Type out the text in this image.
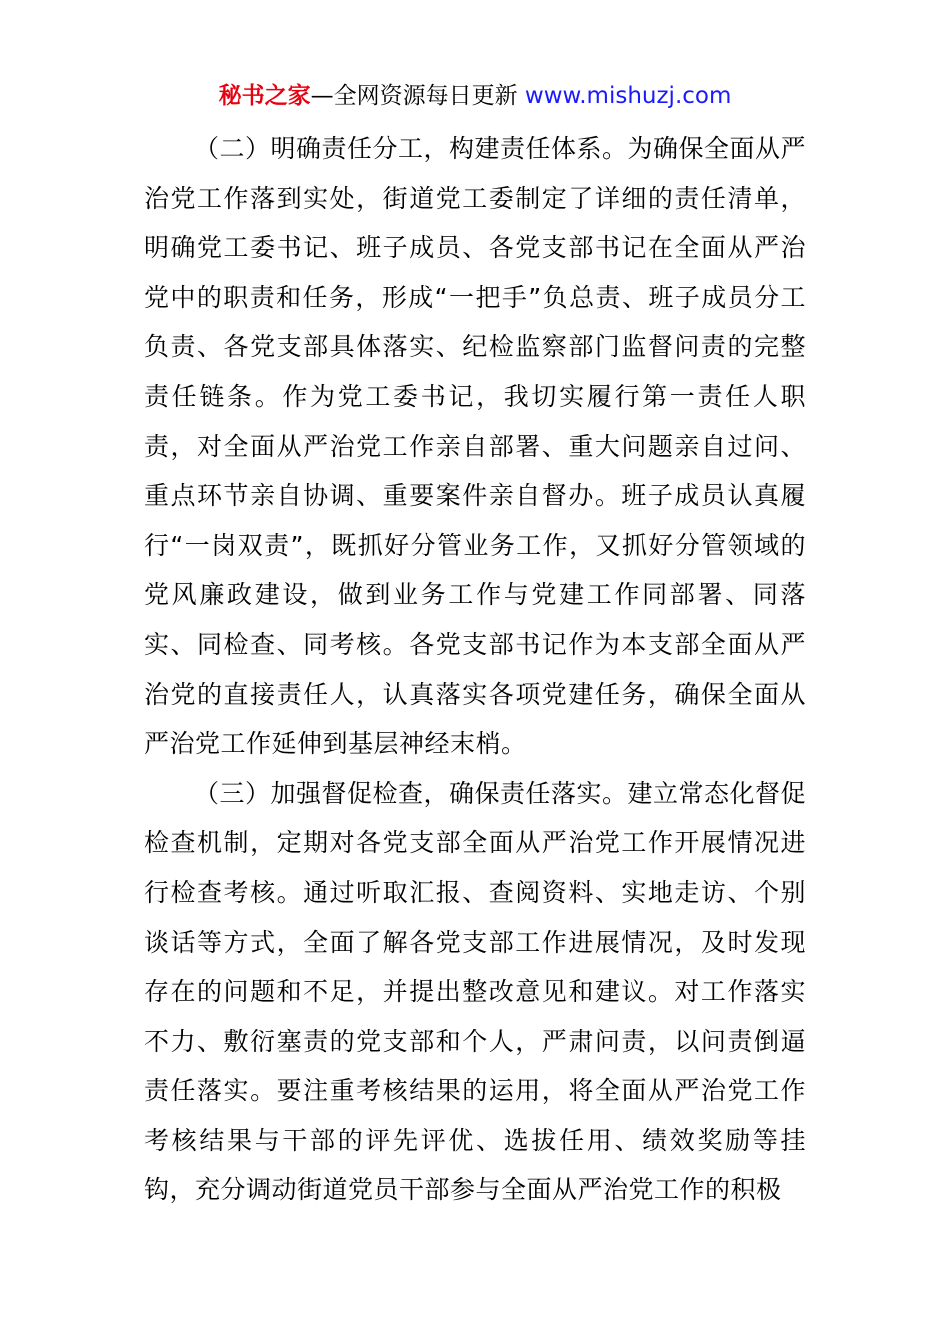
秘书之家—全网资源每日更新 www.mishuzj.com

（二）明确责任分工，构建责任体系。为确保全面从严治党工作落到实处，街道党工委制定了详细的责任清单，明确党工委书记、班子成员、各党支部书记在全面从严治党中的职责和任务，形成“一把手”负总责、班子成员分工负责、各党支部具体落实、纪检监察部门监督问责的完整责任链条。作为党工委书记，我切实履行第一责任人职责，对全面从严治党工作亲自部署、重大问题亲自过问、重点环节亲自协调、重要案件亲自督办。班子成员认真履行“一岗双责”，既抓好分管业务工作，又抓好分管领域的党风廉政建设，做到业务工作与党建工作同部署、同落实、同检查、同考核。各党支部书记作为本支部全面从严治党的直接责任人，认真落实各项党建任务，确保全面从严治党工作延伸到基层神经末梢。

（三）加强督促检查，确保责任落实。建立常态化督促检查机制，定期对各党支部全面从严治党工作开展情况进行检查考核。通过听取汇报、查阅资料、实地走访、个别谈话等方式，全面了解各党支部工作进展情况，及时发现存在的问题和不足，并提出整改意见和建议。对工作落实不力、敷衍塞责的党支部和个人，严肃问责，以问责倒逼责任落实。要注重考核结果的运用，将全面从严治党工作考核结果与干部的评先评优、选拔任用、绩效奖励等挂钩，充分调动街道党员干部参与全面从严治党工作的积极
